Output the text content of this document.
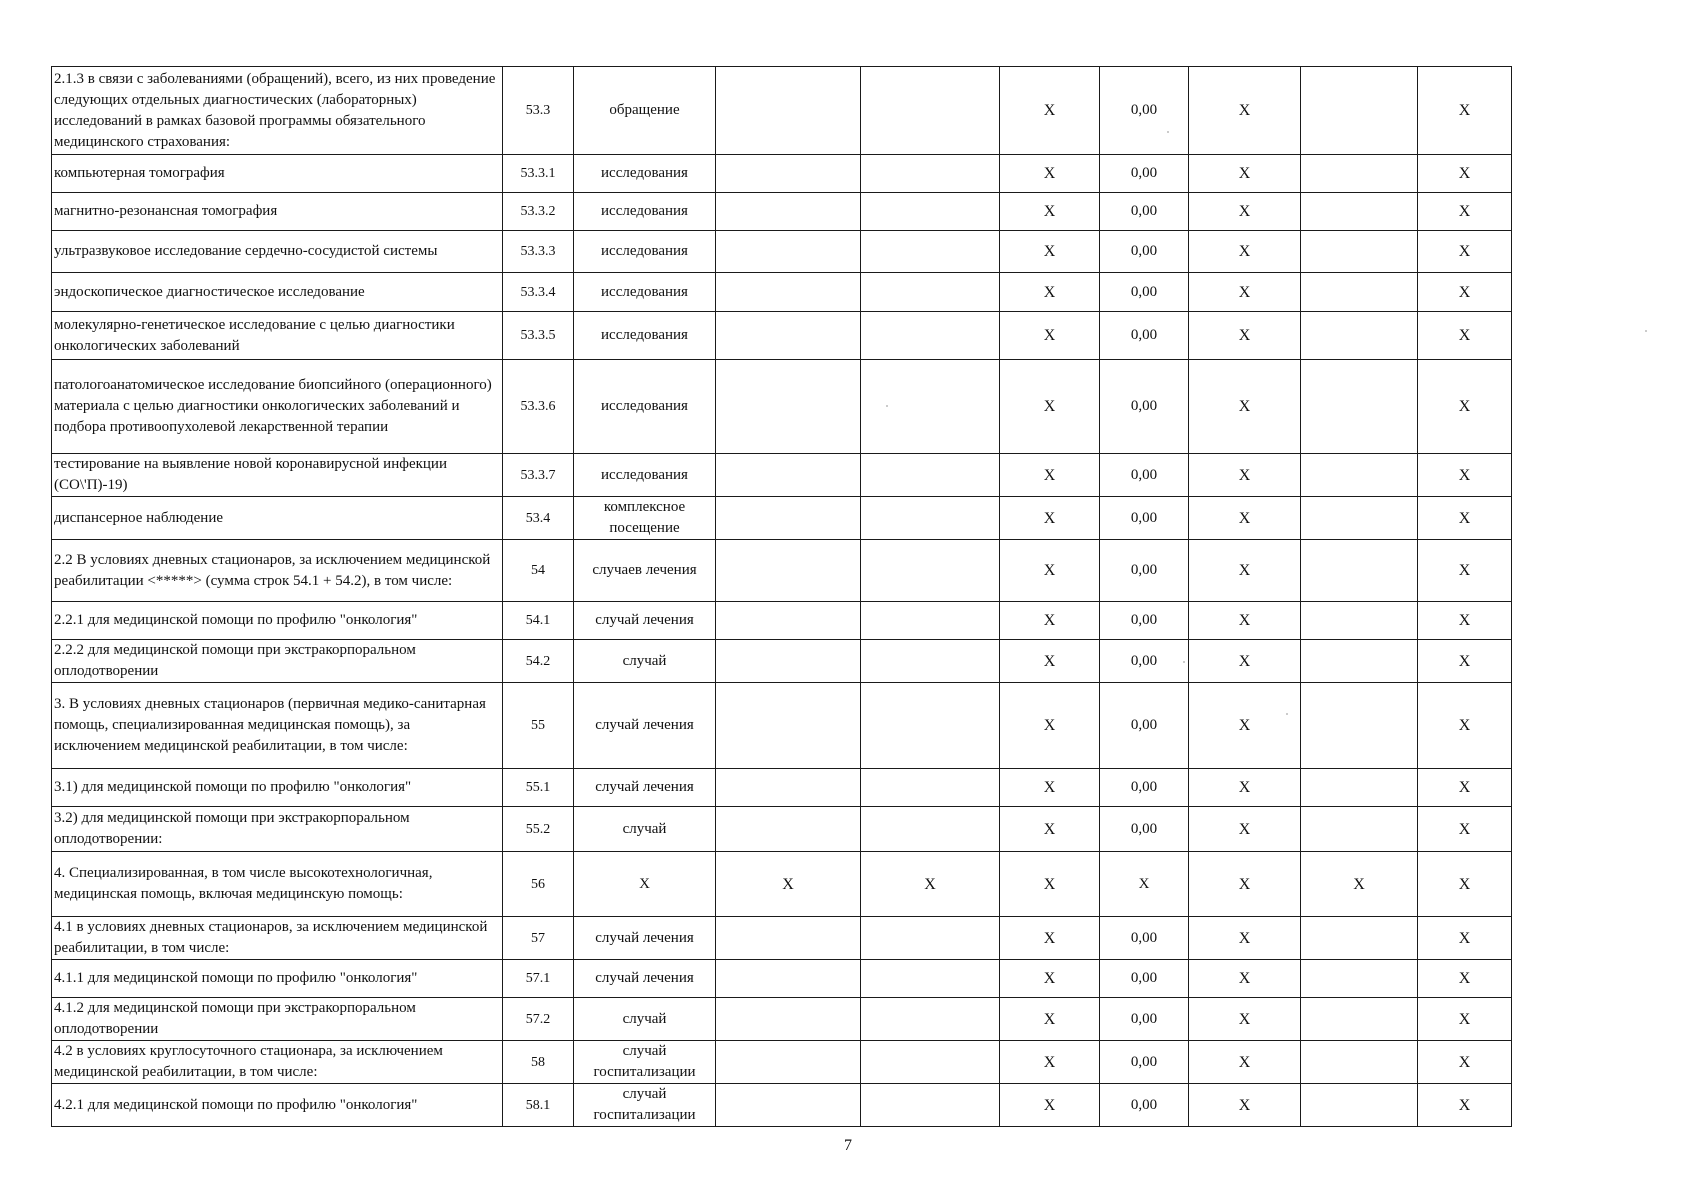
2.1.3 в связи с заболеваниями (обращений), всего, из них проведение следующих отдельных диагностических (лабораторных) исследований в рамках базовой программы обязательного медицинского страхования:	53.3	обращение			X	0,00	X		X
компьютерная томография	53.3.1	исследования			X	0,00	X		X
магнитно-резонансная томография	53.3.2	исследования			X	0,00	X		X
ультразвуковое исследование сердечно-сосудистой системы	53.3.3	исследования			X	0,00	X		X
эндоскопическое диагностическое исследование	53.3.4	исследования			X	0,00	X		X
молекулярно-генетическое исследование с целью диагностики онкологических заболеваний	53.3.5	исследования			X	0,00	X		X
патологоанатомическое исследование биопсийного (операционного) материала с целью диагностики онкологических заболеваний и подбора противоопухолевой лекарственной терапии	53.3.6	исследования			X	0,00	X		X
тестирование на выявление новой коронавирусной инфекции (CO\'П)-19)	53.3.7	исследования			X	0,00	X		X
диспансерное наблюдение	53.4	комплексное посещение			X	0,00	X		X
2.2 В условиях дневных стационаров, за исключением медицинской реабилитации <*****> (сумма строк 54.1 + 54.2), в том числе:	54	случаев лечения			X	0,00	X		X
2.2.1 для медицинской помощи по профилю "онкология"	54.1	случай лечения			X	0,00	X		X
2.2.2 для медицинской помощи при экстракорпоральном оплодотворении	54.2	случай			X	0,00	X		X
3. В условиях дневных стационаров (первичная медико-санитарная помощь, специализированная медицинская помощь), за исключением медицинской реабилитации, в том числе:	55	случай лечения			X	0,00	X		X
3.1) для медицинской помощи по профилю "онкология"	55.1	случай лечения			X	0,00	X		X
3.2) для медицинской помощи при экстракорпоральном оплодотворении:	55.2	случай			X	0,00	X		X
4. Специализированная, в том числе высокотехнологичная, медицинская помощь, включая медицинскую помощь:	56	X	X	X	X	X	X	X	X
4.1 в условиях дневных стационаров, за исключением медицинской реабилитации, в том числе:	57	случай лечения			X	0,00	X		X
4.1.1 для медицинской помощи по профилю "онкология"	57.1	случай лечения			X	0,00	X		X
4.1.2 для медицинской помощи при экстракорпоральном оплодотворении	57.2	случай			X	0,00	X		X
4.2 в условиях круглосуточного стационара, за исключением медицинской реабилитации, в том числе:	58	случай госпитализации			X	0,00	X		X
4.2.1 для медицинской помощи по профилю "онкология"	58.1	случай госпитализации			X	0,00	X		X
7
